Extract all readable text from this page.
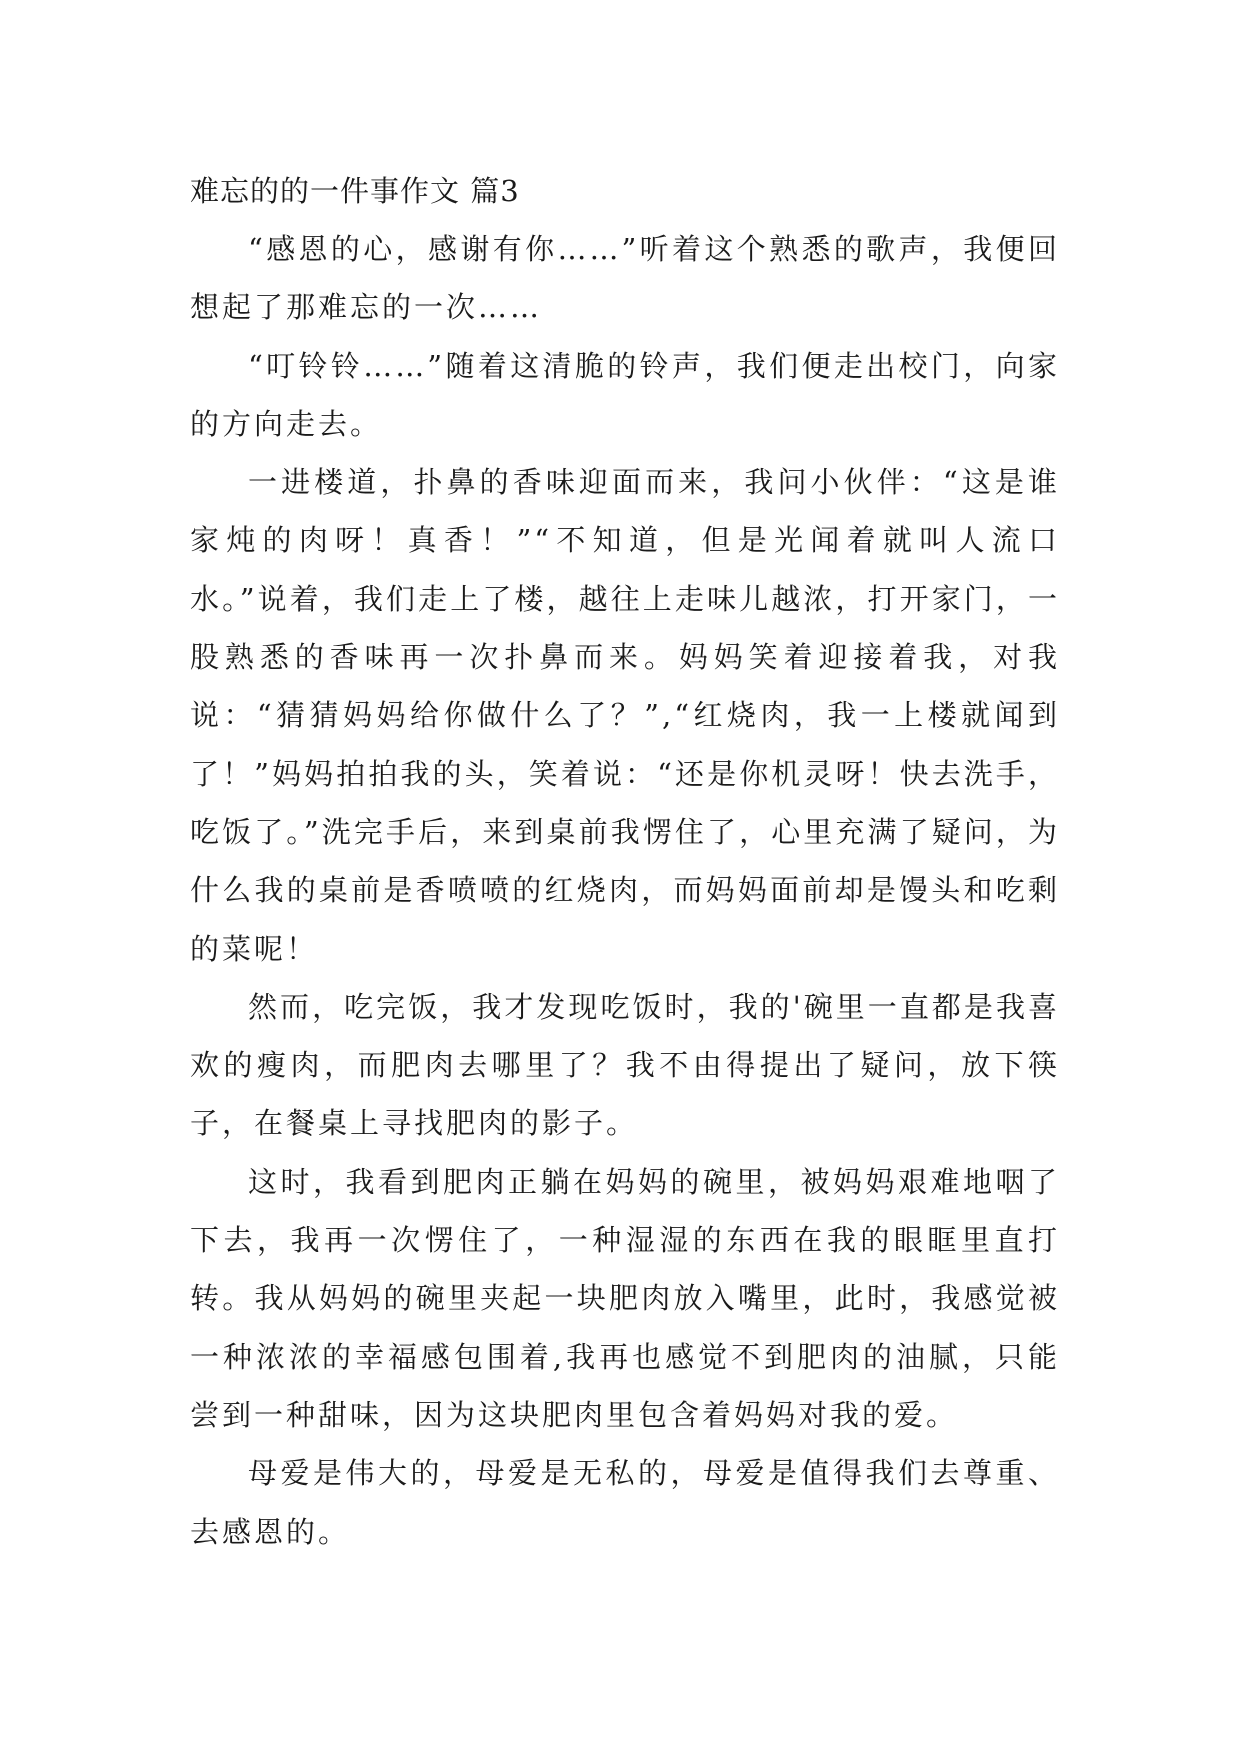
难忘的的一件事作文 篇3

“感恩的心，感谢有你……”听着这个熟悉的歌声，我便回想起了那难忘的一次……

“叮铃铃……”随着这清脆的铃声，我们便走出校门，向家的方向走去。

一进楼道，扑鼻的香味迎面而来，我问小伙伴：“这是谁家炖的肉呀！真香！”“不知道，但是光闻着就叫人流口水。”说着，我们走上了楼，越往上走味儿越浓，打开家门，一股熟悉的香味再一次扑鼻而来。妈妈笑着迎接着我，对我说：“猜猜妈妈给你做什么了？”,“红烧肉，我一上楼就闻到了！”妈妈拍拍我的头，笑着说：“还是你机灵呀！快去洗手，吃饭了。”洗完手后，来到桌前我愣住了，心里充满了疑问，为什么我的桌前是香喷喷的红烧肉，而妈妈面前却是馒头和吃剩的菜呢！

然而，吃完饭，我才发现吃饭时，我的'碗里一直都是我喜欢的瘦肉，而肥肉去哪里了？我不由得提出了疑问，放下筷子，在餐桌上寻找肥肉的影子。

这时，我看到肥肉正躺在妈妈的碗里，被妈妈艰难地咽了下去，我再一次愣住了，一种湿湿的东西在我的眼眶里直打转。我从妈妈的碗里夹起一块肥肉放入嘴里，此时，我感觉被一种浓浓的幸福感包围着,我再也感觉不到肥肉的油腻，只能尝到一种甜味，因为这块肥肉里包含着妈妈对我的爱。

母爱是伟大的，母爱是无私的，母爱是值得我们去尊重、去感恩的。
